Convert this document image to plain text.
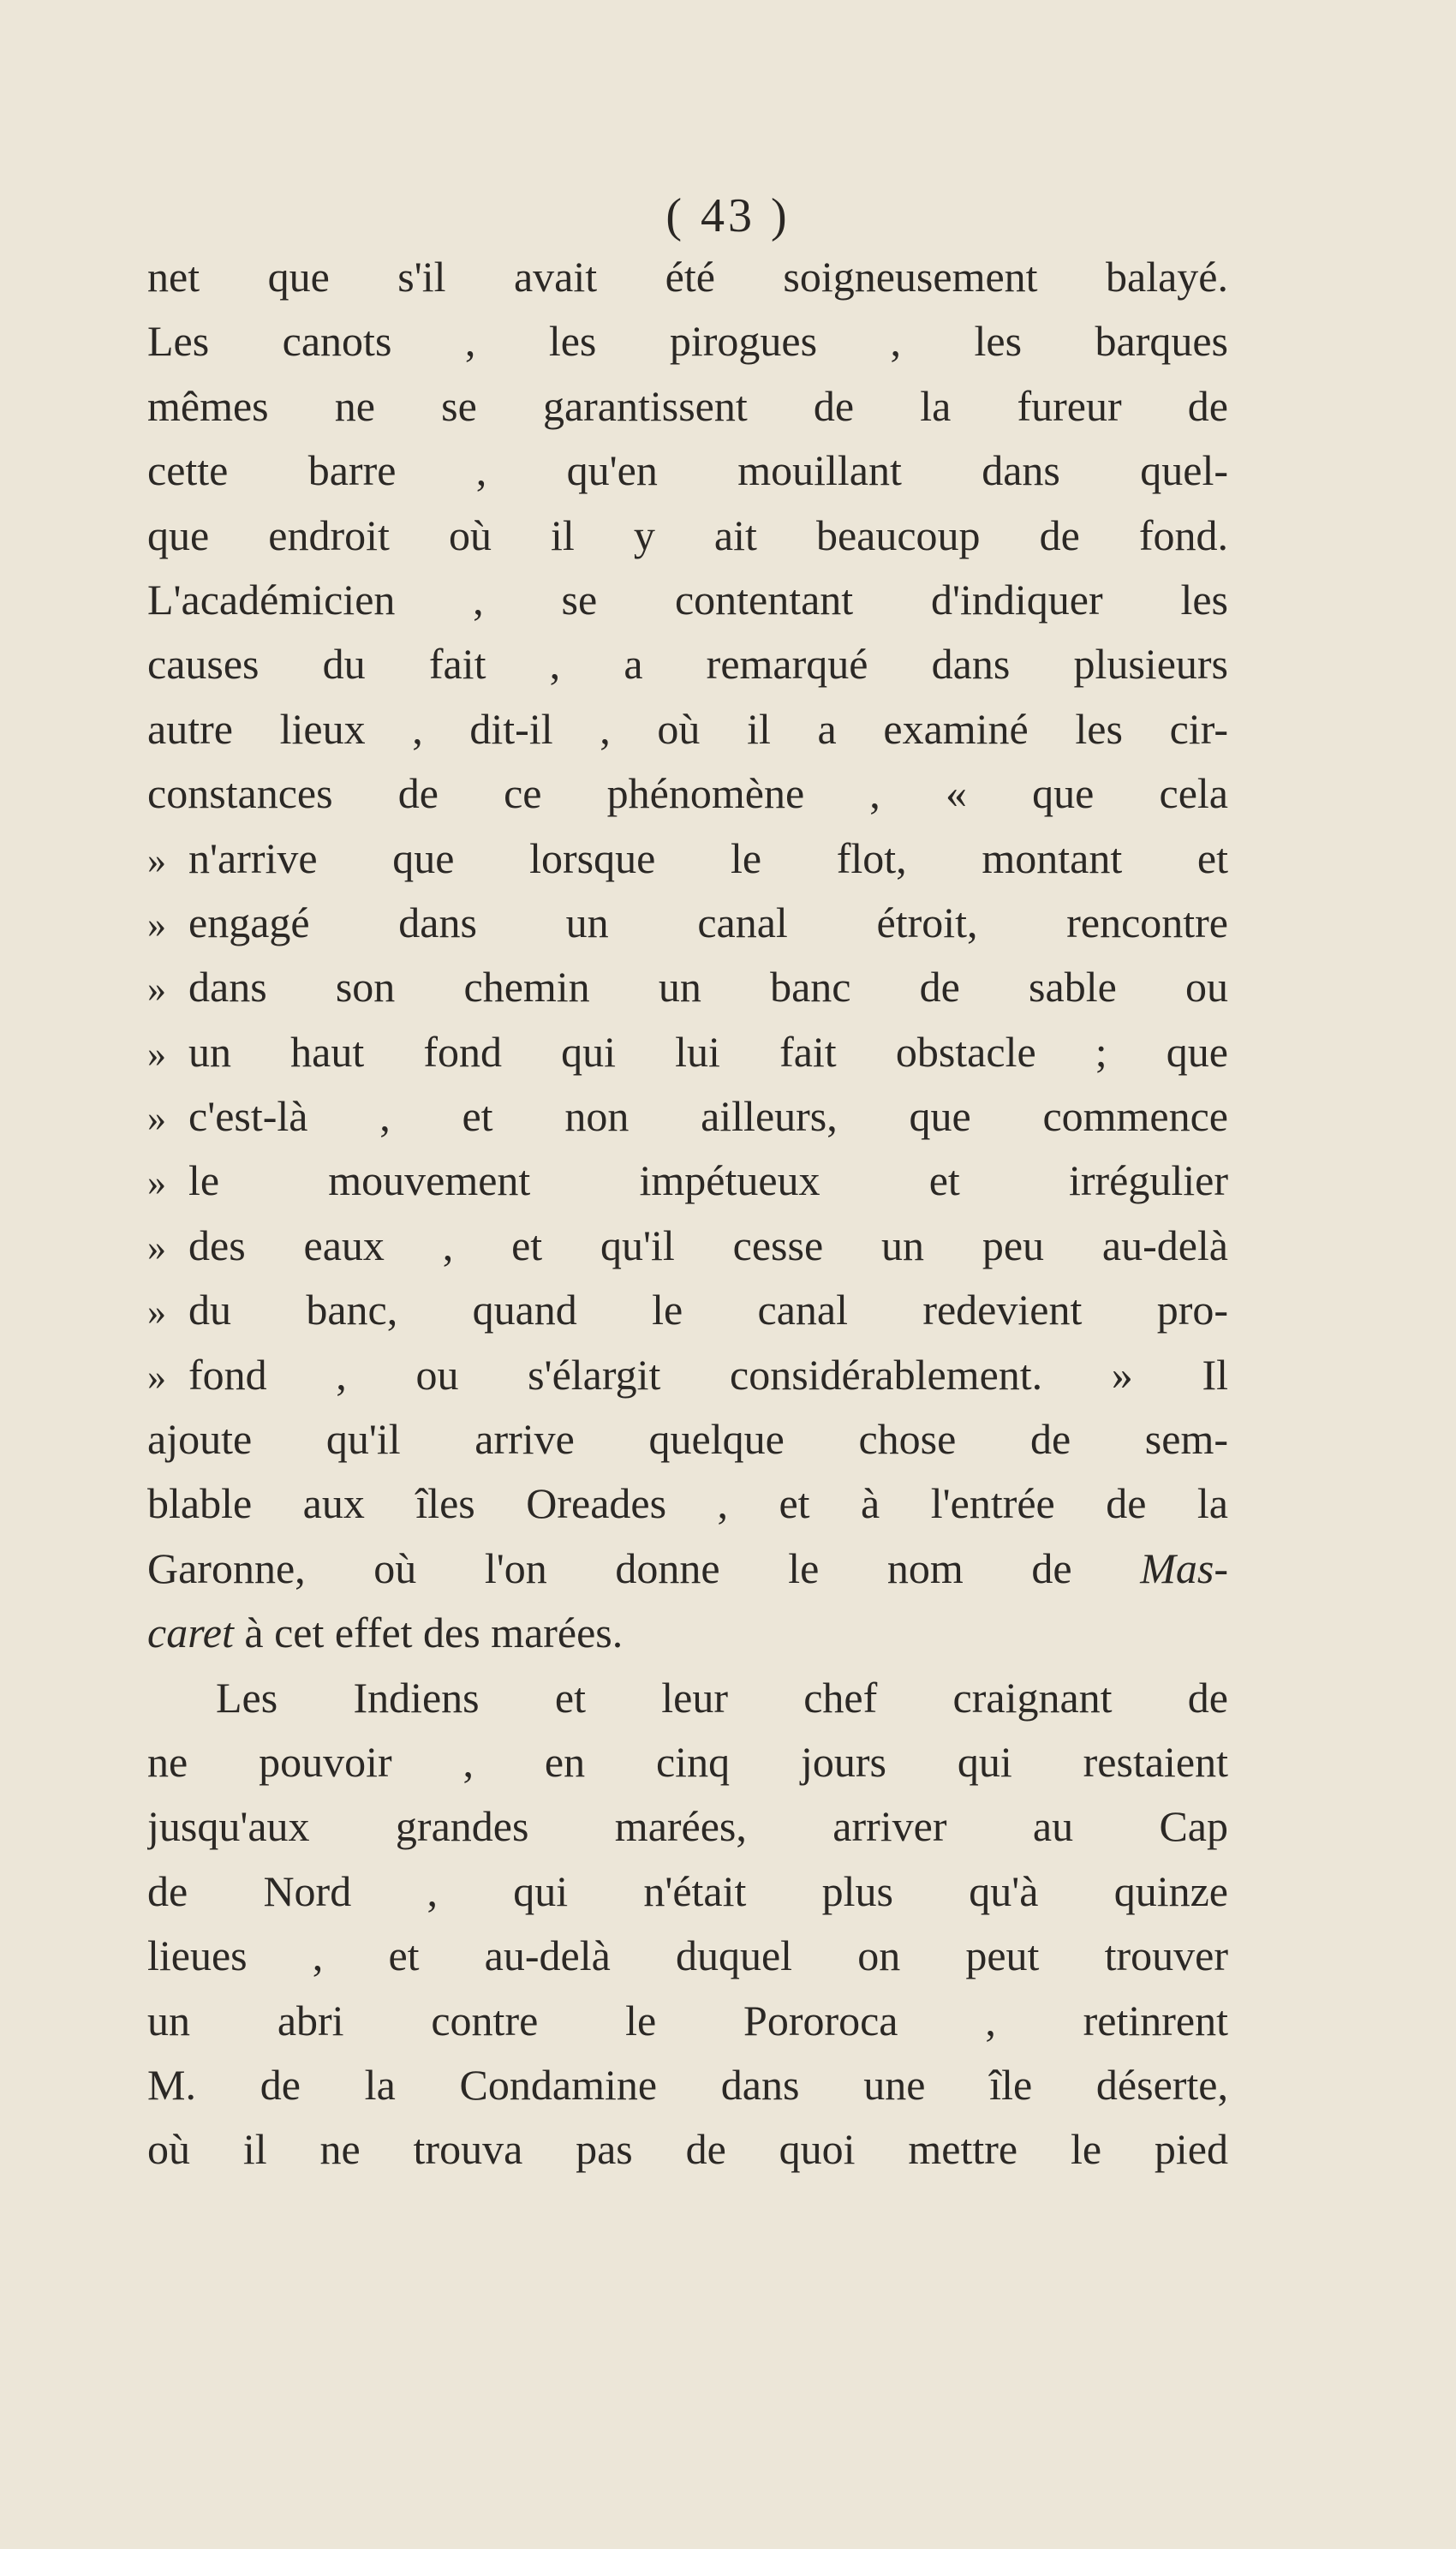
( 43 )
net que s'il avait été soigneusement balayé.
Les canots , les pirogues , les barques
mêmes ne se garantissent de la fureur de
cette barre , qu'en mouillant dans quel-
que endroit où il y ait beaucoup de fond.
L'académicien , se contentant d'indiquer les
causes du fait , a remarqué dans plusieurs
autre lieux , dit-il , où il a examiné les cir-
constances de ce phénomène , « que cela
» n'arrive que lorsque le flot, montant et
» engagé dans un canal étroit, rencontre
» dans son chemin un banc de sable ou
» un haut fond qui lui fait obstacle ; que
» c'est-là , et non ailleurs, que commence
» le mouvement impétueux et irrégulier
» des eaux , et qu'il cesse un peu au-delà
» du banc, quand le canal redevient pro-
» fond , ou s'élargit considérablement. » Il
ajoute qu'il arrive quelque chose de sem-
blable aux îles Oreades , et à l'entrée de la
Garonne, où l'on donne le nom de Mas-
caret à cet effet des marées.
Les Indiens et leur chef craignant de
ne pouvoir , en cinq jours qui restaient
jusqu'aux grandes marées, arriver au Cap
de Nord , qui n'était plus qu'à quinze
lieues , et au-delà duquel on peut trouver
un abri contre le Pororoca , retinrent
M. de la Condamine dans une île déserte,
où il ne trouva pas de quoi mettre le pied
